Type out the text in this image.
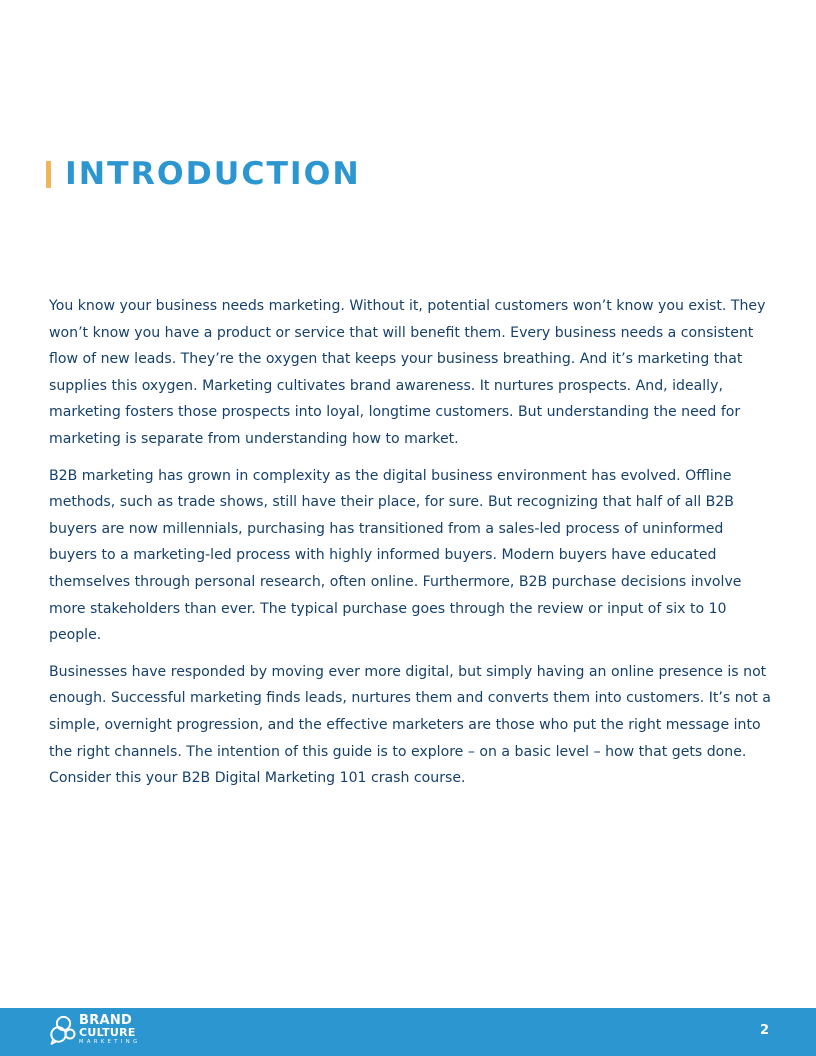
INTRODUCTION

You know your business needs marketing. Without it, potential customers won’t know you exist. They won’t know you have a product or service that will benefit them. Every business needs a consistent flow of new leads. They’re the oxygen that keeps your business breathing. And it’s marketing that supplies this oxygen. Marketing cultivates brand awareness. It nurtures prospects. And, ideally, marketing fosters those prospects into loyal, longtime customers. But understanding the need for marketing is separate from understanding how to market.

B2B marketing has grown in complexity as the digital business environment has evolved. Offline methods, such as trade shows, still have their place, for sure. But recognizing that half of all B2B buyers are now millennials, purchasing has transitioned from a sales-led process of uninformed buyers to a marketing-led process with highly informed buyers. Modern buyers have educated themselves through personal research, often online. Furthermore, B2B purchase decisions involve more stakeholders than ever. The typical purchase goes through the review or input of six to 10 people.

Businesses have responded by moving ever more digital, but simply having an online presence is not enough. Successful marketing finds leads, nurtures them and converts them into customers. It’s not a simple, overnight progression, and the effective marketers are those who put the right message into the right channels. The intention of this guide is to explore – on a basic level – how that gets done. Consider this your B2B Digital Marketing 101 crash course.

BRAND
CULTURE
MARKETING
2
